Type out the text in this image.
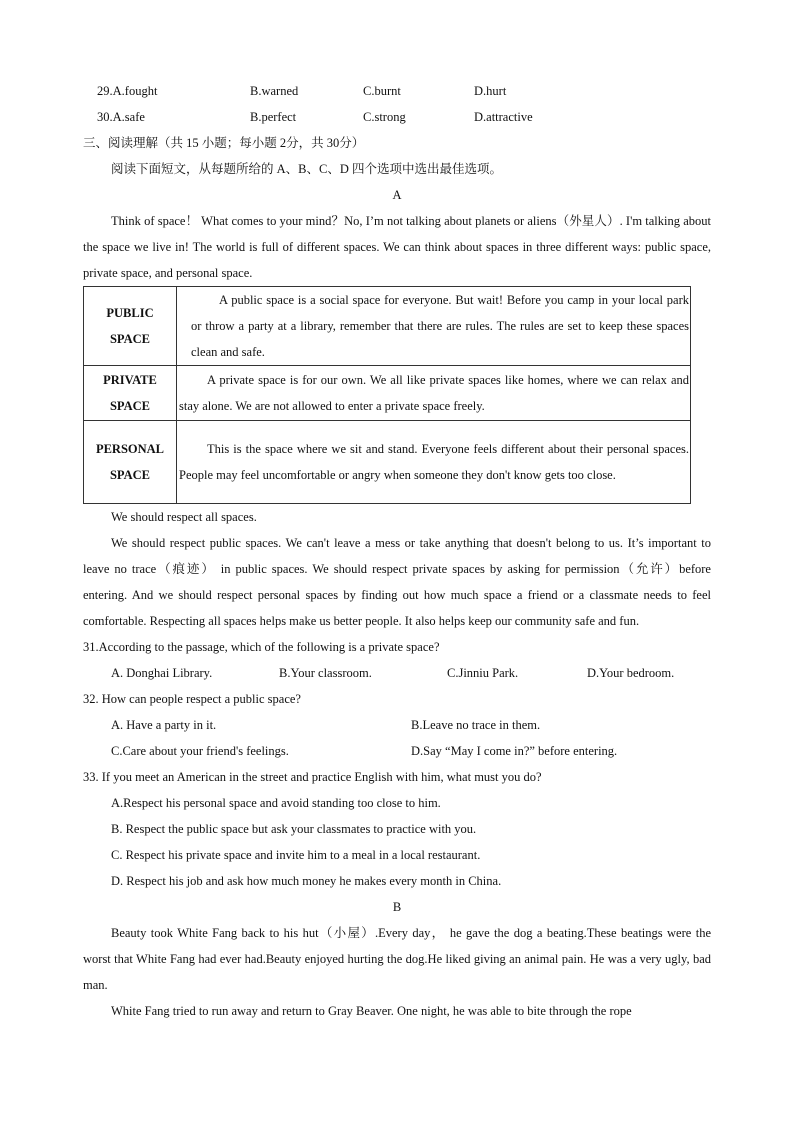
29.A.fought	B.warned	C.burnt	D.hurt
30.A.safe	B.perfect	C.strong	D.attractive
三、阅读理解（共 15 小题；每小题 2分，共 30分）
阅读下面短文，从每题所给的 A、B、C、D 四个选项中选出最佳选项。
A
Think of space！ What comes to your mind？No, I’m not talking about planets or aliens（外星人）. I'm talking about the space we live in! The world is full of different spaces. We can think about spaces in three different ways: public space, private space, and personal space.
PUBLIC
SPACE	A public space is a social space for everyone. But wait! Before you camp in your local park or throw a party at a library, remember that there are rules. The rules are set to keep these spaces clean and safe.

PRIVATE
SPACE	A private space is for our own. We all like private spaces like homes, where we can relax and stay alone. We are not allowed to enter a private space freely.

PERSONAL
SPACE	This is the space where we sit and stand. Everyone feels different about their personal spaces. People may feel uncomfortable or angry when someone they don't know gets too close.
We should respect all spaces.
We should respect public spaces. We can't leave a mess or take anything that doesn't belong to us. It’s important to leave no trace（痕迹） in public spaces. We should respect private spaces by asking for permission（允许）before entering. And we should respect personal spaces by finding out how much space a friend or a classmate needs to feel comfortable. Respecting all spaces helps make us better people. It also helps keep our community safe and fun.
31.According to the passage, which of the following is a private space?
A. Donghai Library.	B.Your classroom.	C.Jinniu Park.	D.Your bedroom.
32. How can people respect a public space?
A. Have a party in it.	B.Leave no trace in them.
C.Care about your friend's feelings.	D.Say “May I come in?” before entering.
33. If you meet an American in the street and practice English with him, what must you do?
A.Respect his personal space and avoid standing too close to him.
B. Respect the public space but ask your classmates to practice with you.
C. Respect his private space and invite him to a meal in a local restaurant.
D. Respect his job and ask how much money he makes every month in China.
B
Beauty took White Fang back to his hut（小屋）.Every day， he gave the dog a beating.These beatings were the worst that White Fang had ever had.Beauty enjoyed hurting the dog.He liked giving an animal pain. He was a very ugly, bad man.
White Fang tried to run away and return to Gray Beaver. One night, he was able to bite through the rope
